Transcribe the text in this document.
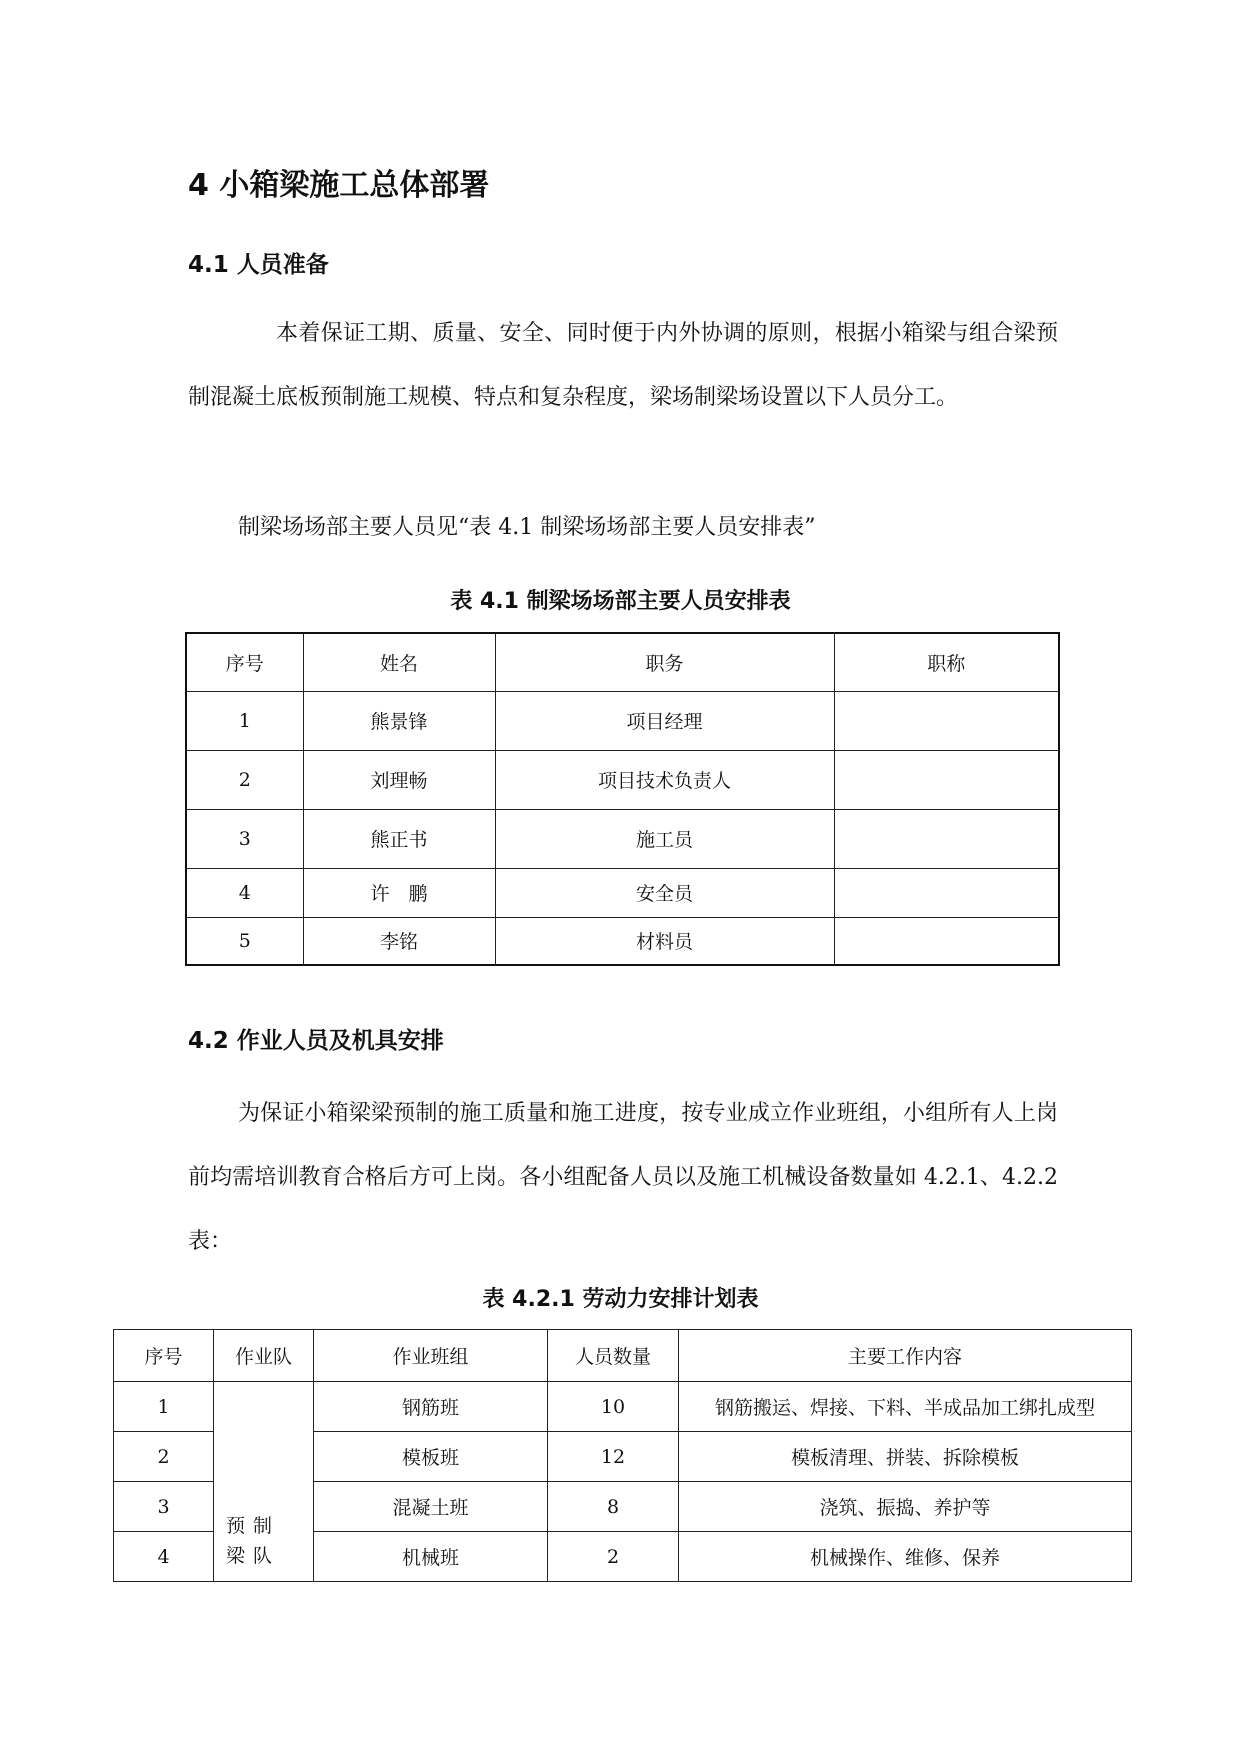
4 小箱梁施工总体部署
4.1 人员准备

本着保证工期、质量、安全、同时便于内外协调的原则，根据小箱梁与组合梁预制混凝土底板预制施工规模、特点和复杂程度，梁场制梁场设置以下人员分工。

制梁场场部主要人员见“表 4.1 制梁场场部主要人员安排表”

表 4.1 制梁场场部主要人员安排表
序号	姓名	职务	职称
1	熊景锋	项目经理	
2	刘理畅	项目技术负责人	
3	熊正书	施工员	
4	许　鹏	安全员	
5	李铭	材料员	
4.2 作业人员及机具安排

为保证小箱梁梁预制的施工质量和施工进度，按专业成立作业班组，小组所有人上岗前均需培训教育合格后方可上岗。各小组配备人员以及施工机械设备数量如 4.2.1、4.2.2 表：

表 4.2.1 劳动力安排计划表
序号	作业队	作业班组	人员数量	主要工作内容
1	预制梁队	钢筋班	10	钢筋搬运、焊接、下料、半成品加工绑扎成型
2		模板班	12	模板清理、拼装、拆除模板
3		混凝土班	8	浇筑、振捣、养护等
4		机械班	2	机械操作、维修、保养
